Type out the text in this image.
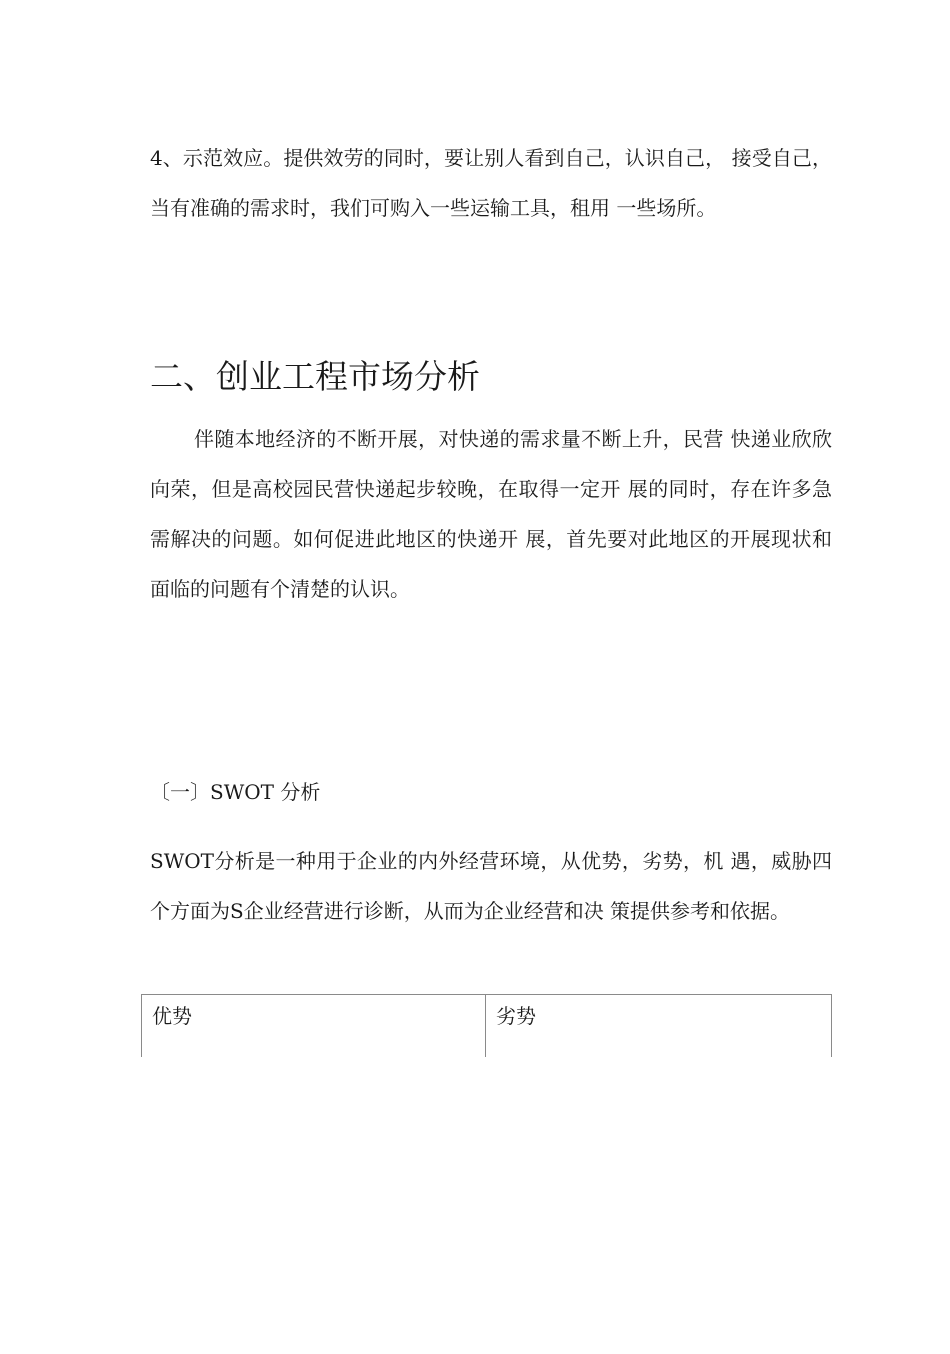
4、示范效应。提供效劳的同时，要让别人看到自己，认识自己， 接受自己，当有准确的需求时，我们可购入一些运输工具，租用 一些场所。

二、创业工程市场分析

伴随本地经济的不断开展，对快递的需求量不断上升，民营 快递业欣欣向荣，但是高校园民营快递起步较晚，在取得一定开 展的同时，存在许多急需解决的问题。如何促进此地区的快递开 展，首先要对此地区的开展现状和面临的问题有个清楚的认识。

〔一〕SWOT 分析

SWOT分析是一种用于企业的内外经营环境，从优势，劣势，机 遇，威胁四个方面为S企业经营进行诊断，从而为企业经营和决 策提供参考和依据。

优势	劣势
